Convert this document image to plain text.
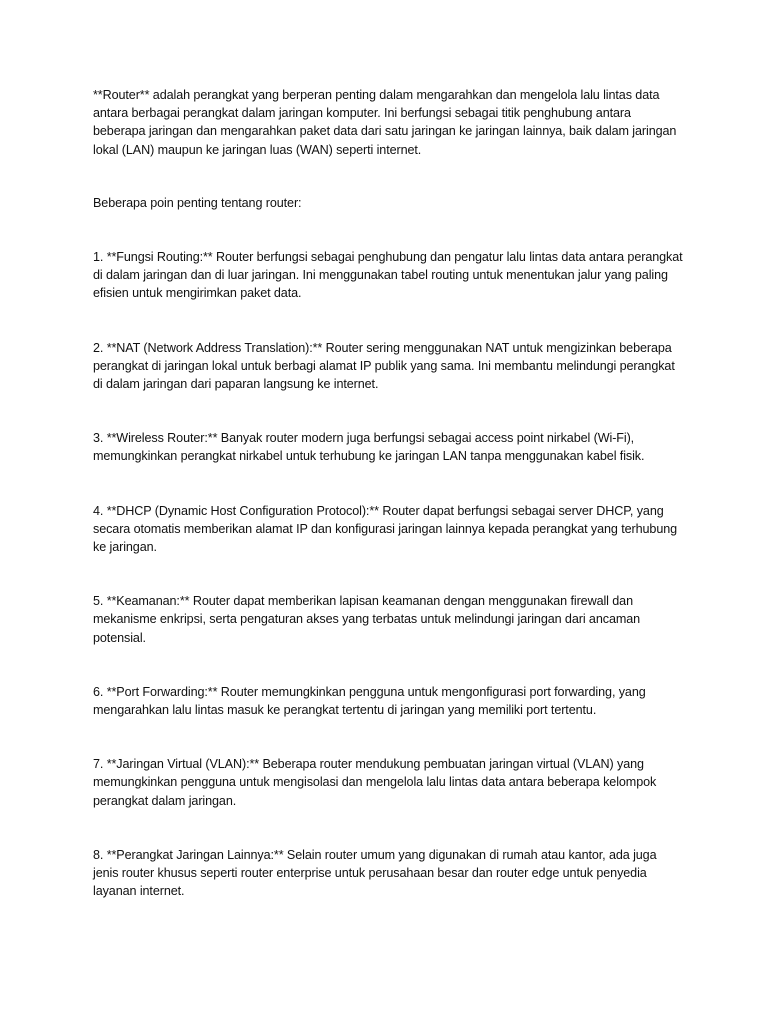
**Router** adalah perangkat yang berperan penting dalam mengarahkan dan mengelola lalu lintas data antara berbagai perangkat dalam jaringan komputer. Ini berfungsi sebagai titik penghubung antara beberapa jaringan dan mengarahkan paket data dari satu jaringan ke jaringan lainnya, baik dalam jaringan lokal (LAN) maupun ke jaringan luas (WAN) seperti internet.

Beberapa poin penting tentang router:

1. **Fungsi Routing:** Router berfungsi sebagai penghubung dan pengatur lalu lintas data antara perangkat di dalam jaringan dan di luar jaringan. Ini menggunakan tabel routing untuk menentukan jalur yang paling efisien untuk mengirimkan paket data.

2. **NAT (Network Address Translation):** Router sering menggunakan NAT untuk mengizinkan beberapa perangkat di jaringan lokal untuk berbagi alamat IP publik yang sama. Ini membantu melindungi perangkat di dalam jaringan dari paparan langsung ke internet.

3. **Wireless Router:** Banyak router modern juga berfungsi sebagai access point nirkabel (Wi-Fi), memungkinkan perangkat nirkabel untuk terhubung ke jaringan LAN tanpa menggunakan kabel fisik.

4. **DHCP (Dynamic Host Configuration Protocol):** Router dapat berfungsi sebagai server DHCP, yang secara otomatis memberikan alamat IP dan konfigurasi jaringan lainnya kepada perangkat yang terhubung ke jaringan.

5. **Keamanan:** Router dapat memberikan lapisan keamanan dengan menggunakan firewall dan mekanisme enkripsi, serta pengaturan akses yang terbatas untuk melindungi jaringan dari ancaman potensial.

6. **Port Forwarding:** Router memungkinkan pengguna untuk mengonfigurasi port forwarding, yang mengarahkan lalu lintas masuk ke perangkat tertentu di jaringan yang memiliki port tertentu.

7. **Jaringan Virtual (VLAN):** Beberapa router mendukung pembuatan jaringan virtual (VLAN) yang memungkinkan pengguna untuk mengisolasi dan mengelola lalu lintas data antara beberapa kelompok perangkat dalam jaringan.

8. **Perangkat Jaringan Lainnya:** Selain router umum yang digunakan di rumah atau kantor, ada juga jenis router khusus seperti router enterprise untuk perusahaan besar dan router edge untuk penyedia layanan internet.
